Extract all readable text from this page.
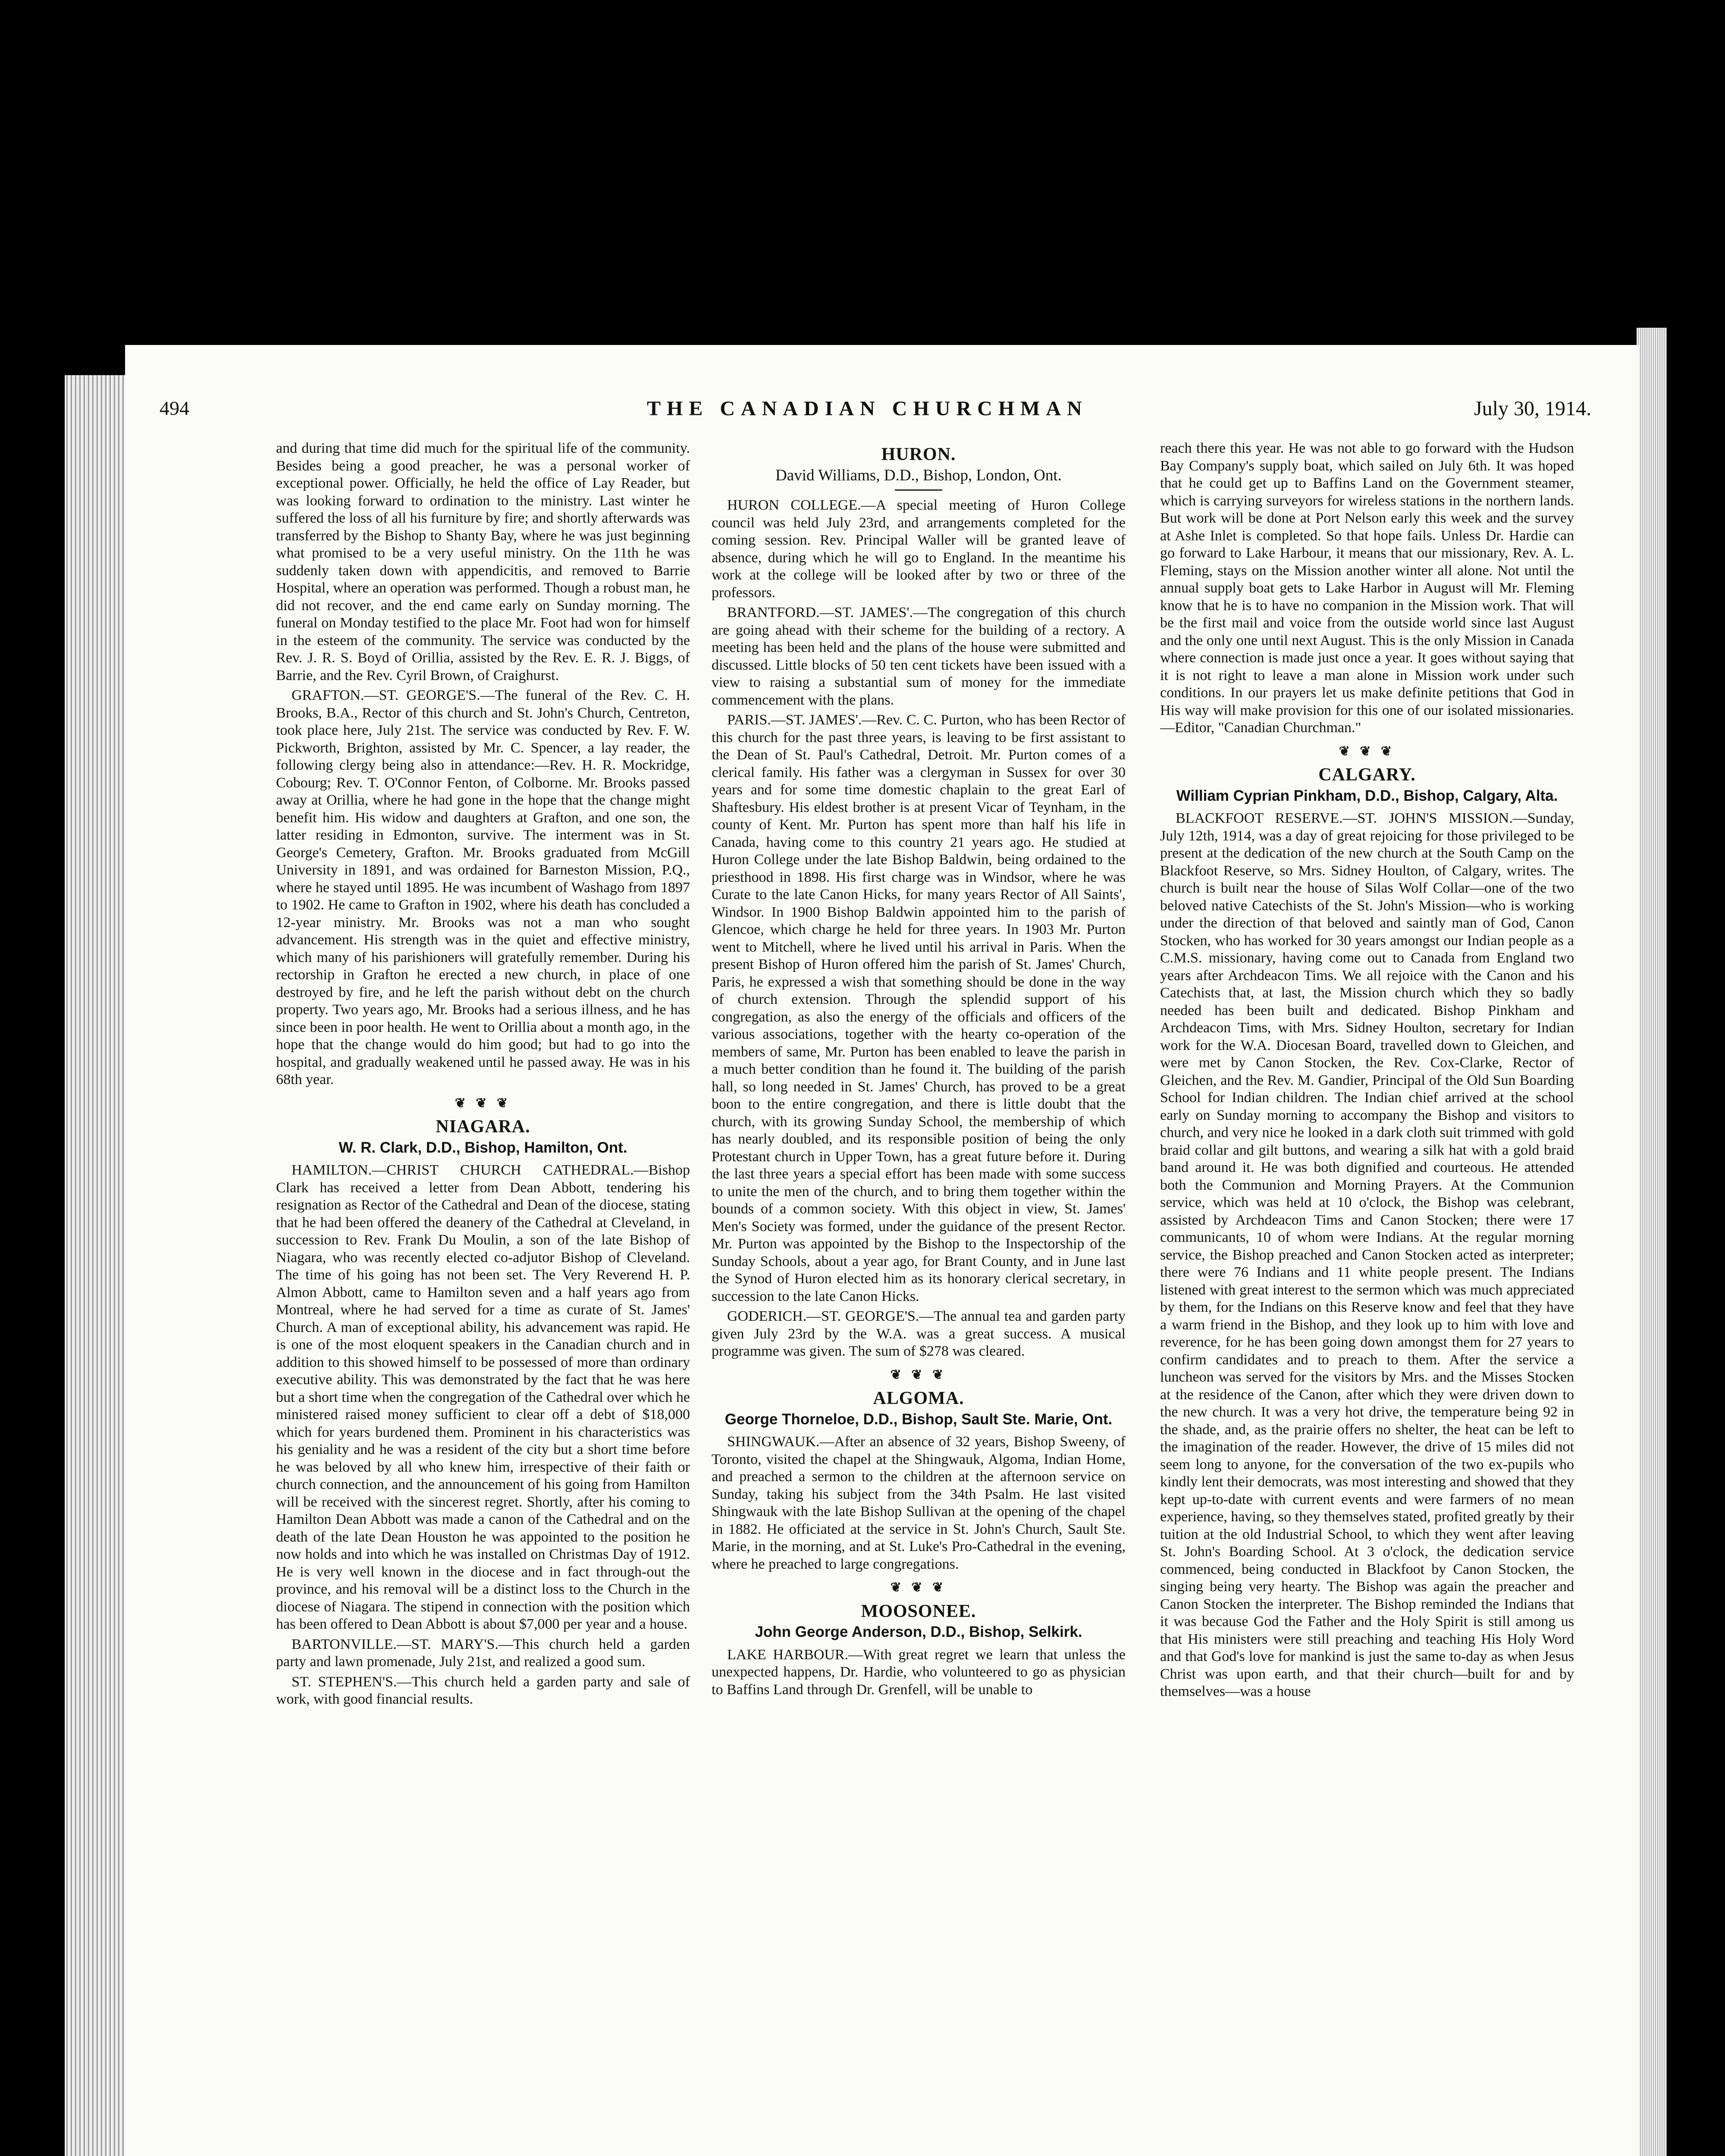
494	THE CANADIAN CHURCHMAN	July 30, 1914.

and during that time did much for the spiritual life of the community. Besides being a good preacher, he was a personal worker of exceptional power. Officially, he held the office of Lay Reader, but was looking forward to ordination to the ministry. Last winter he suffered the loss of all his furniture by fire; and shortly afterwards was transferred by the Bishop to Shanty Bay, where he was just beginning what promised to be a very useful ministry. On the 11th he was suddenly taken down with appendicitis, and removed to Barrie Hospital, where an operation was performed. Though a robust man, he did not recover, and the end came early on Sunday morning. The funeral on Monday testified to the place Mr. Foot had won for himself in the esteem of the community. The service was conducted by the Rev. J. R. S. Boyd of Orillia, assisted by the Rev. E. R. J. Biggs, of Barrie, and the Rev. Cyril Brown, of Craighurst.

GRAFTON.—ST. GEORGE'S.—The funeral of the Rev. C. H. Brooks, B.A., Rector of this church and St. John's Church, Centreton, took place here, July 21st. The service was conducted by Rev. F. W. Pickworth, Brighton, assisted by Mr. C. Spencer, a lay reader, the following clergy being also in attendance:—Rev. H. R. Mockridge, Cobourg; Rev. T. O'Connor Fenton, of Colborne. Mr. Brooks passed away at Orillia, where he had gone in the hope that the change might benefit him. His widow and daughters at Grafton, and one son, the latter residing in Edmonton, survive. The interment was in St. George's Cemetery, Grafton. Mr. Brooks graduated from McGill University in 1891, and was ordained for Barneston Mission, P.Q., where he stayed until 1895. He was incumbent of Washago from 1897 to 1902. He came to Grafton in 1902, where his death has concluded a 12-year ministry. Mr. Brooks was not a man who sought advancement. His strength was in the quiet and effective ministry, which many of his parishioners will gratefully remember. During his rectorship in Grafton he erected a new church, in place of one destroyed by fire, and he left the parish without debt on the church property. Two years ago, Mr. Brooks had a serious illness, and he has since been in poor health. He went to Orillia about a month ago, in the hope that the change would do him good; but had to go into the hospital, and gradually weakened until he passed away. He was in his 68th year.

❦ ❦ ❦
NIAGARA.
W. R. Clark, D.D., Bishop, Hamilton, Ont.

HAMILTON.—CHRIST CHURCH CATHEDRAL.—Bishop Clark has received a letter from Dean Abbott, tendering his resignation as Rector of the Cathedral and Dean of the diocese, stating that he had been offered the deanery of the Cathedral at Cleveland, in succession to Rev. Frank Du Moulin, a son of the late Bishop of Niagara, who was recently elected co-adjutor Bishop of Cleveland. The time of his going has not been set. The Very Reverend H. P. Almon Abbott, came to Hamilton seven and a half years ago from Montreal, where he had served for a time as curate of St. James' Church. A man of exceptional ability, his advancement was rapid. He is one of the most eloquent speakers in the Canadian church and in addition to this showed himself to be possessed of more than ordinary executive ability. This was demonstrated by the fact that he was here but a short time when the congregation of the Cathedral over which he ministered raised money sufficient to clear off a debt of $18,000 which for years burdened them. Prominent in his characteristics was his geniality and he was a resident of the city but a short time before he was beloved by all who knew him, irrespective of their faith or church connection, and the announcement of his going from Hamilton will be received with the sincerest regret. Shortly, after his coming to Hamilton Dean Abbott was made a canon of the Cathedral and on the death of the late Dean Houston he was appointed to the position he now holds and into which he was installed on Christmas Day of 1912. He is very well known in the diocese and in fact through-out the province, and his removal will be a distinct loss to the Church in the diocese of Niagara. The stipend in connection with the position which has been offered to Dean Abbott is about $7,000 per year and a house.

BARTONVILLE.—ST. MARY'S.—This church held a garden party and lawn promenade, July 21st, and realized a good sum.

ST. STEPHEN'S.—This church held a garden party and sale of work, with good financial results.

HURON.
David Williams, D.D., Bishop, London, Ont.

HURON COLLEGE.—A special meeting of Huron College council was held July 23rd, and arrangements completed for the coming session. Rev. Principal Waller will be granted leave of absence, during which he will go to England. In the meantime his work at the college will be looked after by two or three of the professors.

BRANTFORD.—ST. JAMES'.—The congregation of this church are going ahead with their scheme for the building of a rectory. A meeting has been held and the plans of the house were submitted and discussed. Little blocks of 50 ten cent tickets have been issued with a view to raising a substantial sum of money for the immediate commencement with the plans.

PARIS.—ST. JAMES'.—Rev. C. C. Purton, who has been Rector of this church for the past three years, is leaving to be first assistant to the Dean of St. Paul's Cathedral, Detroit. Mr. Purton comes of a clerical family. His father was a clergyman in Sussex for over 30 years and for some time domestic chaplain to the great Earl of Shaftesbury. His eldest brother is at present Vicar of Teynham, in the county of Kent. Mr. Purton has spent more than half his life in Canada, having come to this country 21 years ago. He studied at Huron College under the late Bishop Baldwin, being ordained to the priesthood in 1898. His first charge was in Windsor, where he was Curate to the late Canon Hicks, for many years Rector of All Saints', Windsor. In 1900 Bishop Baldwin appointed him to the parish of Glencoe, which charge he held for three years. In 1903 Mr. Purton went to Mitchell, where he lived until his arrival in Paris. When the present Bishop of Huron offered him the parish of St. James' Church, Paris, he expressed a wish that something should be done in the way of church extension. Through the splendid support of his congregation, as also the energy of the officials and officers of the various associations, together with the hearty co-operation of the members of same, Mr. Purton has been enabled to leave the parish in a much better condition than he found it. The building of the parish hall, so long needed in St. James' Church, has proved to be a great boon to the entire congregation, and there is little doubt that the church, with its growing Sunday School, the membership of which has nearly doubled, and its responsible position of being the only Protestant church in Upper Town, has a great future before it. During the last three years a special effort has been made with some success to unite the men of the church, and to bring them together within the bounds of a common society. With this object in view, St. James' Men's Society was formed, under the guidance of the present Rector. Mr. Purton was appointed by the Bishop to the Inspectorship of the Sunday Schools, about a year ago, for Brant County, and in June last the Synod of Huron elected him as its honorary clerical secretary, in succession to the late Canon Hicks.

GODERICH.—ST. GEORGE'S.—The annual tea and garden party given July 23rd by the W.A. was a great success. A musical programme was given. The sum of $278 was cleared.

❦ ❦ ❦
ALGOMA.
George Thorneloe, D.D., Bishop, Sault Ste. Marie, Ont.

SHINGWAUK.—After an absence of 32 years, Bishop Sweeny, of Toronto, visited the chapel at the Shingwauk, Algoma, Indian Home, and preached a sermon to the children at the afternoon service on Sunday, taking his subject from the 34th Psalm. He last visited Shingwauk with the late Bishop Sullivan at the opening of the chapel in 1882. He officiated at the service in St. John's Church, Sault Ste. Marie, in the morning, and at St. Luke's Pro-Cathedral in the evening, where he preached to large congregations.

❦ ❦ ❦
MOOSONEE.
John George Anderson, D.D., Bishop, Selkirk.

LAKE HARBOUR.—With great regret we learn that unless the unexpected happens, Dr. Hardie, who volunteered to go as physician to Baffins Land through Dr. Grenfell, will be unable to

reach there this year. He was not able to go forward with the Hudson Bay Company's supply boat, which sailed on July 6th. It was hoped that he could get up to Baffins Land on the Government steamer, which is carrying surveyors for wireless stations in the northern lands. But work will be done at Port Nelson early this week and the survey at Ashe Inlet is completed. So that hope fails. Unless Dr. Hardie can go forward to Lake Harbour, it means that our missionary, Rev. A. L. Fleming, stays on the Mission another winter all alone. Not until the annual supply boat gets to Lake Harbor in August will Mr. Fleming know that he is to have no companion in the Mission work. That will be the first mail and voice from the outside world since last August and the only one until next August. This is the only Mission in Canada where connection is made just once a year. It goes without saying that it is not right to leave a man alone in Mission work under such conditions. In our prayers let us make definite petitions that God in His way will make provision for this one of our isolated missionaries.—Editor, "Canadian Churchman."

❦ ❦ ❦
CALGARY.
William Cyprian Pinkham, D.D., Bishop, Calgary, Alta.

BLACKFOOT RESERVE.—ST. JOHN'S MISSION.—Sunday, July 12th, 1914, was a day of great rejoicing for those privileged to be present at the dedication of the new church at the South Camp on the Blackfoot Reserve, so Mrs. Sidney Houlton, of Calgary, writes. The church is built near the house of Silas Wolf Collar—one of the two beloved native Catechists of the St. John's Mission—who is working under the direction of that beloved and saintly man of God, Canon Stocken, who has worked for 30 years amongst our Indian people as a C.M.S. missionary, having come out to Canada from England two years after Archdeacon Tims. We all rejoice with the Canon and his Catechists that, at last, the Mission church which they so badly needed has been built and dedicated. Bishop Pinkham and Archdeacon Tims, with Mrs. Sidney Houlton, secretary for Indian work for the W.A. Diocesan Board, travelled down to Gleichen, and were met by Canon Stocken, the Rev. Cox-Clarke, Rector of Gleichen, and the Rev. M. Gandier, Principal of the Old Sun Boarding School for Indian children. The Indian chief arrived at the school early on Sunday morning to accompany the Bishop and visitors to church, and very nice he looked in a dark cloth suit trimmed with gold braid collar and gilt buttons, and wearing a silk hat with a gold braid band around it. He was both dignified and courteous. He attended both the Communion and Morning Prayers. At the Communion service, which was held at 10 o'clock, the Bishop was celebrant, assisted by Archdeacon Tims and Canon Stocken; there were 17 communicants, 10 of whom were Indians. At the regular morning service, the Bishop preached and Canon Stocken acted as interpreter; there were 76 Indians and 11 white people present. The Indians listened with great interest to the sermon which was much appreciated by them, for the Indians on this Reserve know and feel that they have a warm friend in the Bishop, and they look up to him with love and reverence, for he has been going down amongst them for 27 years to confirm candidates and to preach to them. After the service a luncheon was served for the visitors by Mrs. and the Misses Stocken at the residence of the Canon, after which they were driven down to the new church. It was a very hot drive, the temperature being 92 in the shade, and, as the prairie offers no shelter, the heat can be left to the imagination of the reader. However, the drive of 15 miles did not seem long to anyone, for the conversation of the two ex-pupils who kindly lent their democrats, was most interesting and showed that they kept up-to-date with current events and were farmers of no mean experience, having, so they themselves stated, profited greatly by their tuition at the old Industrial School, to which they went after leaving St. John's Boarding School. At 3 o'clock, the dedication service commenced, being conducted in Blackfoot by Canon Stocken, the singing being very hearty. The Bishop was again the preacher and Canon Stocken the interpreter. The Bishop reminded the Indians that it was because God the Father and the Holy Spirit is still among us that His ministers were still preaching and teaching His Holy Word and that God's love for mankind is just the same to-day as when Jesus Christ was upon earth, and that their church—built for and by themselves—was a house
